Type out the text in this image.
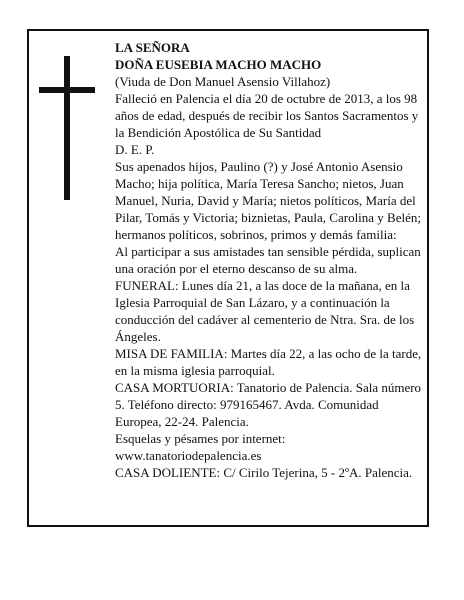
LA SEÑORA

DOÑA EUSEBIA MACHO MACHO

(Viuda de Don Manuel Asensio Villahoz)

Falleció en Palencia el día 20 de octubre de 2013, a los 98 años de edad, después de recibir los Santos Sacramentos y la Bendición Apostólica de Su Santidad

D. E. P.

Sus apenados hijos, Paulino (?) y José Antonio Asensio Macho; hija política, María Teresa Sancho; nietos, Juan Manuel, Nuria, David y María; nietos políticos, María del Pilar, Tomás y Victoria; biznietas, Paula, Carolina y Belén; hermanos políticos, sobrinos, primos y demás familia:

Al participar a sus amistades tan sensible pérdida, suplican una oración por el eterno descanso de su alma.

FUNERAL: Lunes día 21, a las doce de la mañana, en la Iglesia Parroquial de San Lázaro, y a continuación la conducción del cadáver al cementerio de Ntra. Sra. de los Ángeles.

MISA DE FAMILIA: Martes día 22, a las ocho de la tarde, en la misma iglesia parroquial.

CASA MORTUORIA: Tanatorio de Palencia. Sala número 5. Teléfono directo: 979165467. Avda. Comunidad Europea, 22-24. Palencia.

Esquelas y pésames por internet:

www.tanatoriodepalencia.es

CASA DOLIENTE: C/ Cirilo Tejerina, 5 - 2ºA. Palencia.
